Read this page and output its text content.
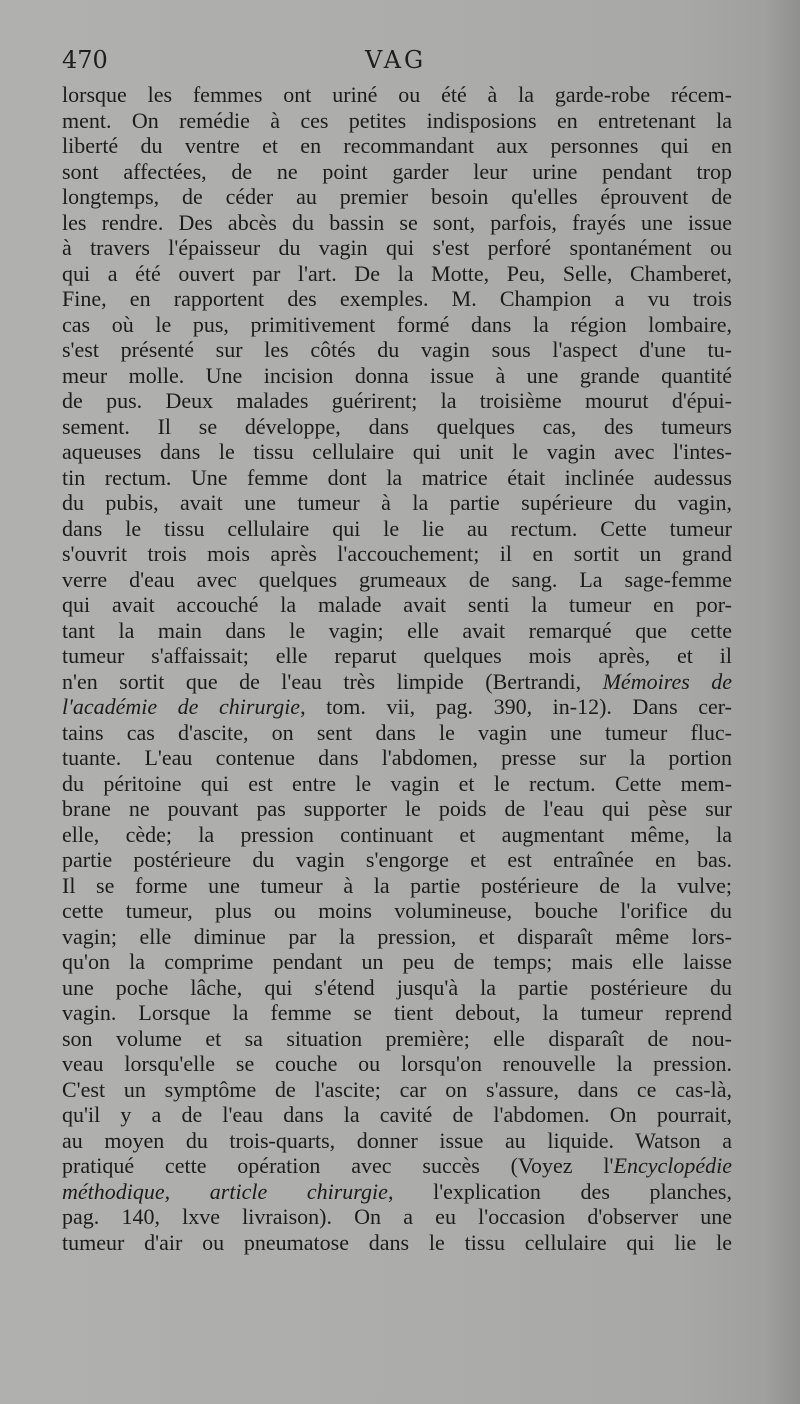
470	VAG
lorsque les femmes ont uriné ou été à la garde-robe récem-
ment. On remédie à ces petites indisposions en entretenant la
liberté du ventre et en recommandant aux personnes qui en
sont affectées, de ne point garder leur urine pendant trop
longtemps, de céder au premier besoin qu'elles éprouvent de
les rendre. Des abcès du bassin se sont, parfois, frayés une issue
à travers l'épaisseur du vagin qui s'est perforé spontanément ou
qui a été ouvert par l'art. De la Motte, Peu, Selle, Chamberet,
Fine, en rapportent des exemples. M. Champion a vu trois
cas où le pus, primitivement formé dans la région lombaire,
s'est présenté sur les côtés du vagin sous l'aspect d'une tu-
meur molle. Une incision donna issue à une grande quantité
de pus. Deux malades guérirent; la troisième mourut d'épui-
sement. Il se développe, dans quelques cas, des tumeurs
aqueuses dans le tissu cellulaire qui unit le vagin avec l'intes-
tin rectum. Une femme dont la matrice était inclinée audessus
du pubis, avait une tumeur à la partie supérieure du vagin,
dans le tissu cellulaire qui le lie au rectum. Cette tumeur
s'ouvrit trois mois après l'accouchement; il en sortit un grand
verre d'eau avec quelques grumeaux de sang. La sage-femme
qui avait accouché la malade avait senti la tumeur en por-
tant la main dans le vagin; elle avait remarqué que cette
tumeur s'affaissait; elle reparut quelques mois après, et il
n'en sortit que de l'eau très limpide (Bertrandi, Mémoires de
l'académie de chirurgie, tom. vii, pag. 390, in-12). Dans cer-
tains cas d'ascite, on sent dans le vagin une tumeur fluc-
tuante. L'eau contenue dans l'abdomen, presse sur la portion
du péritoine qui est entre le vagin et le rectum. Cette mem-
brane ne pouvant pas supporter le poids de l'eau qui pèse sur
elle, cède; la pression continuant et augmentant même, la
partie postérieure du vagin s'engorge et est entraînée en bas.
Il se forme une tumeur à la partie postérieure de la vulve;
cette tumeur, plus ou moins volumineuse, bouche l'orifice du
vagin; elle diminue par la pression, et disparaît même lors-
qu'on la comprime pendant un peu de temps; mais elle laisse
une poche lâche, qui s'étend jusqu'à la partie postérieure du
vagin. Lorsque la femme se tient debout, la tumeur reprend
son volume et sa situation première; elle disparaît de nou-
veau lorsqu'elle se couche ou lorsqu'on renouvelle la pression.
C'est un symptôme de l'ascite; car on s'assure, dans ce cas-là,
qu'il y a de l'eau dans la cavité de l'abdomen. On pourrait,
au moyen du trois-quarts, donner issue au liquide. Watson a
pratiqué cette opération avec succès (Voyez l'Encyclopédie
méthodique, article chirurgie, l'explication des planches,
pag. 140, lxve livraison). On a eu l'occasion d'observer une
tumeur d'air ou pneumatose dans le tissu cellulaire qui lie le
